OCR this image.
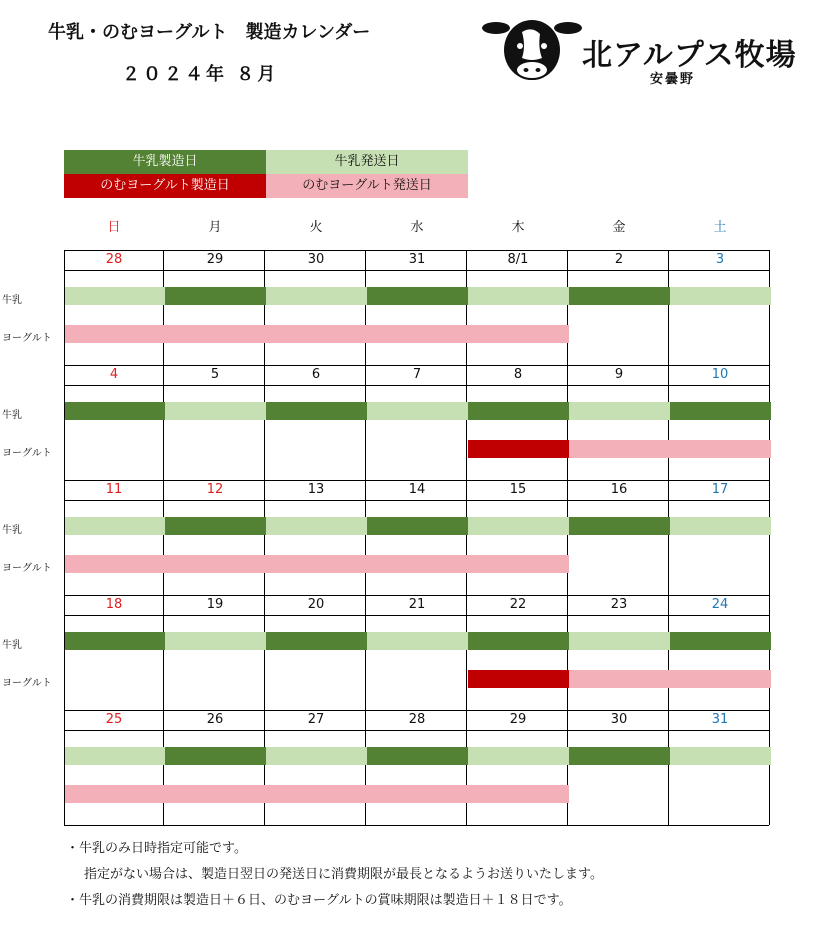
牛乳・のむヨーグルト　製造カレンダー
２０２４年 ８月
北アルプス牧場
安曇野
牛乳製造日	牛乳発送日
のむヨーグルト製造日	のむヨーグルト発送日
日	月	火	水	木	金	土
28	29	30	31	8/1	2	3
4	5	6	7	8	9	10
11	12	13	14	15	16	17
18	19	20	21	22	23	24
25	26	27	28	29	30	31
牛乳
ヨーグルト
牛乳
ヨーグルト
牛乳
ヨーグルト
牛乳
ヨーグルト
・牛乳のみ日時指定可能です。
指定がない場合は、製造日翌日の発送日に消費期限が最長となるようお送りいたします。
・牛乳の消費期限は製造日＋６日、のむヨーグルトの賞味期限は製造日＋１８日です。
